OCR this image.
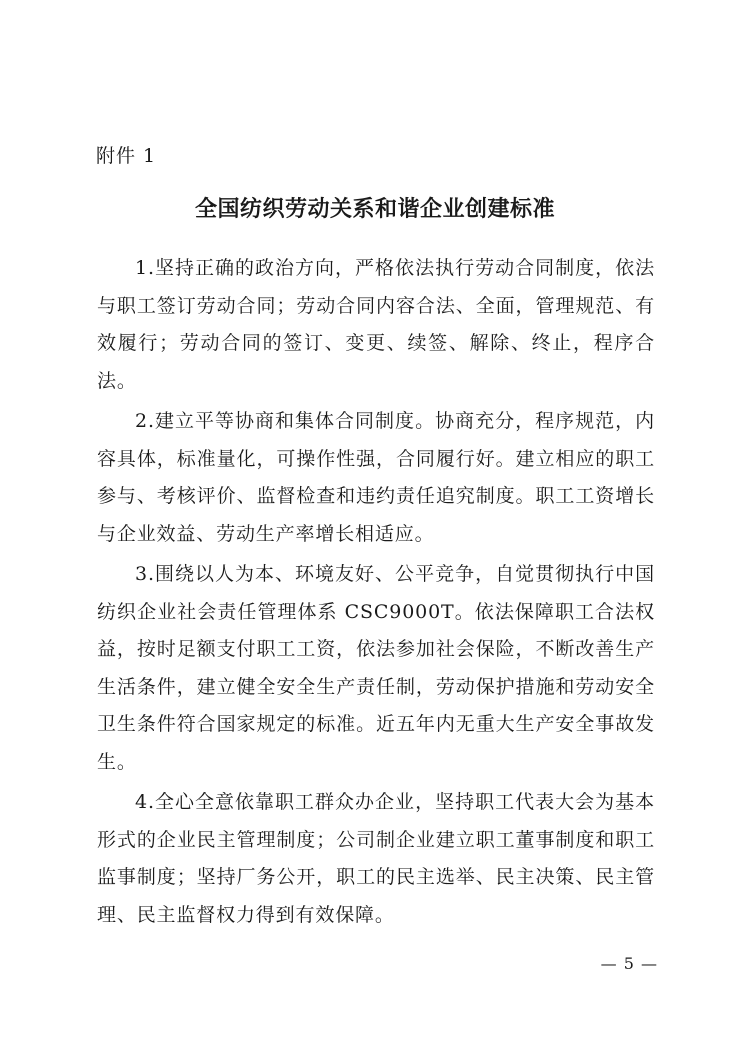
附件 1
全国纺织劳动关系和谐企业创建标准

1.坚持正确的政治方向，严格依法执行劳动合同制度，依法与职工签订劳动合同；劳动合同内容合法、全面，管理规范、有效履行；劳动合同的签订、变更、续签、解除、终止，程序合法。

2.建立平等协商和集体合同制度。协商充分，程序规范，内容具体，标准量化，可操作性强，合同履行好。建立相应的职工参与、考核评价、监督检查和违约责任追究制度。职工工资增长与企业效益、劳动生产率增长相适应。

3.围绕以人为本、环境友好、公平竞争，自觉贯彻执行中国纺织企业社会责任管理体系 CSC9000T。依法保障职工合法权益，按时足额支付职工工资，依法参加社会保险，不断改善生产生活条件，建立健全安全生产责任制，劳动保护措施和劳动安全卫生条件符合国家规定的标准。近五年内无重大生产安全事故发生。

4.全心全意依靠职工群众办企业，坚持职工代表大会为基本形式的企业民主管理制度；公司制企业建立职工董事制度和职工监事制度；坚持厂务公开，职工的民主选举、民主决策、民主管理、民主监督权力得到有效保障。

— 5 —
